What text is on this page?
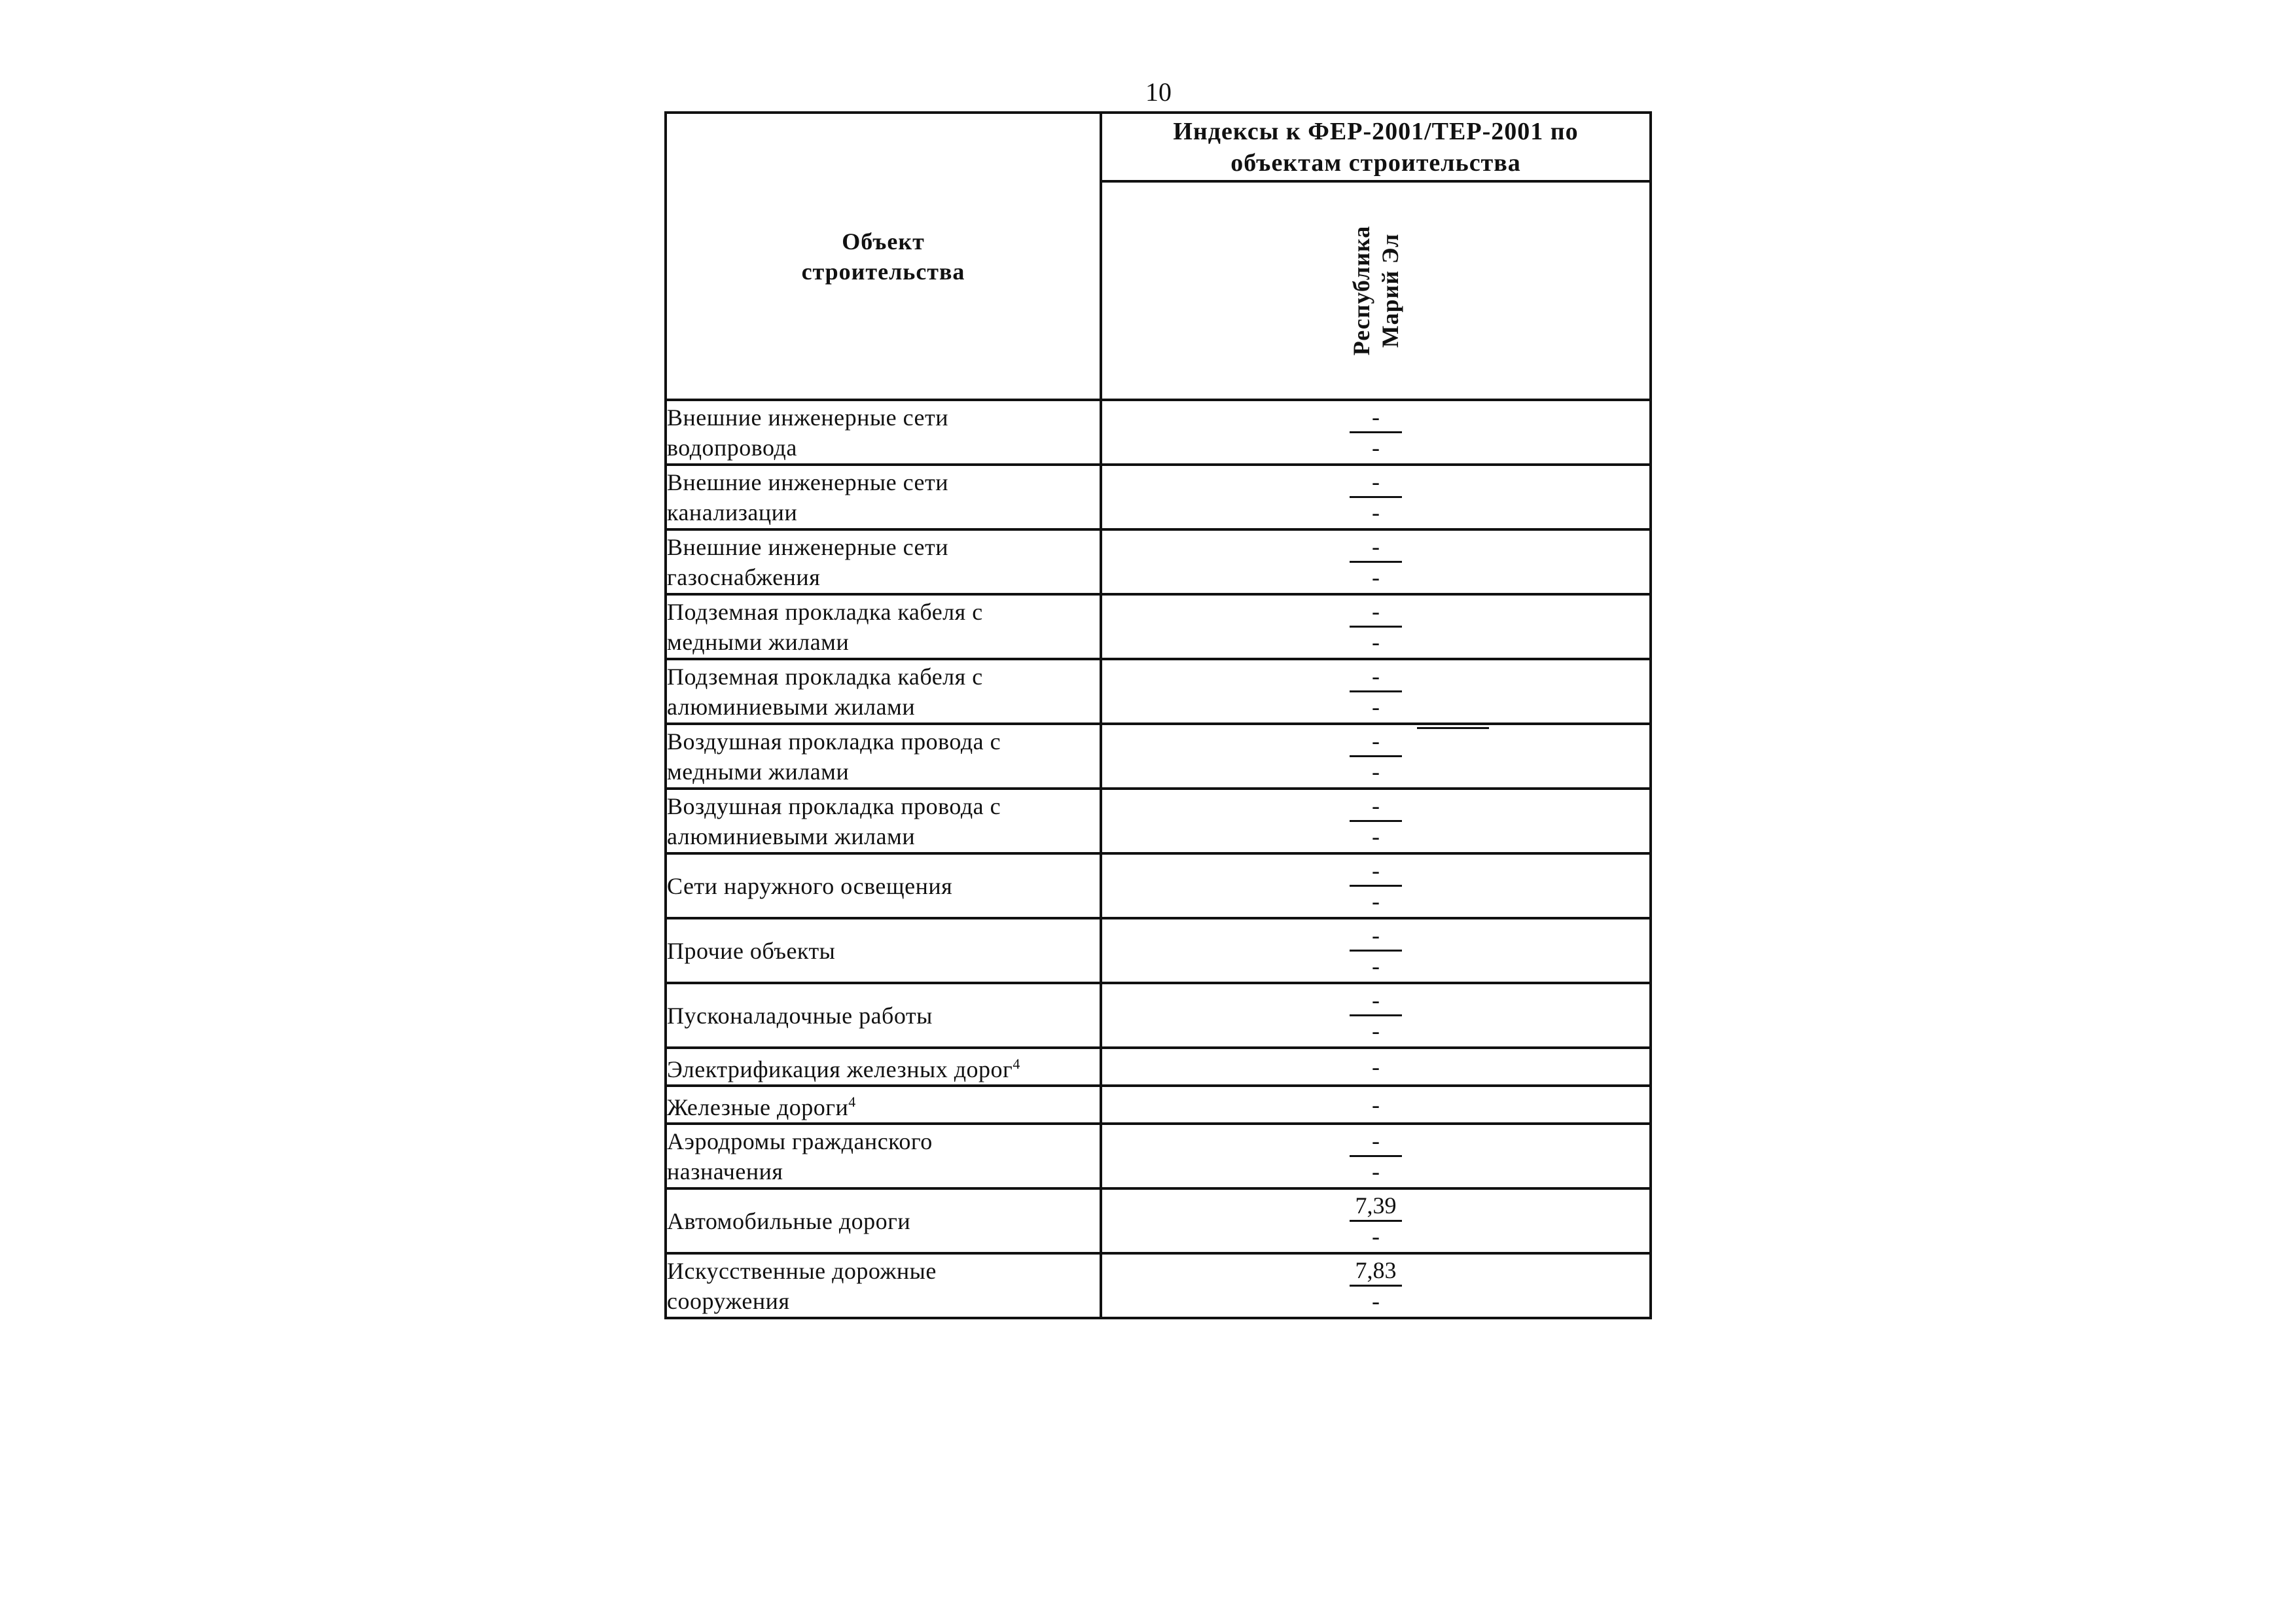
10
Объект
строительства	Индексы к ФЕР-2001/ТЕР-2001 по
объектам строительства

	Республика Марий Эл

Внешние инженерные сети
водопровода	$\frac{-}{-}$

Внешние инженерные сети
канализации	$\frac{-}{-}$

Внешние инженерные сети
газоснабжения	$\frac{-}{-}$

Подземная прокладка кабеля с
медными жилами	$\frac{-}{-}$

Подземная прокладка кабеля с
алюминиевыми жилами	$\frac{-}{-}$

Воздушная прокладка провода с
медными жилами	$\frac{-}{-}$

Воздушная прокладка провода с
алюминиевыми жилами	$\frac{-}{-}$

Сети наружного освещения	$\frac{-}{-}$

Прочие объекты	$\frac{-}{-}$

Пусконаладочные работы	$\frac{-}{-}$

Электрификация железных дорог$^4$	-
Железные дороги$^4$	-
Аэродромы гражданского
назначения	$\frac{-}{-}$

Автомобильные дороги	$\frac{7,39}{-}$

Искусственные дорожные
сооружения	$\frac{7,83}{-}$
